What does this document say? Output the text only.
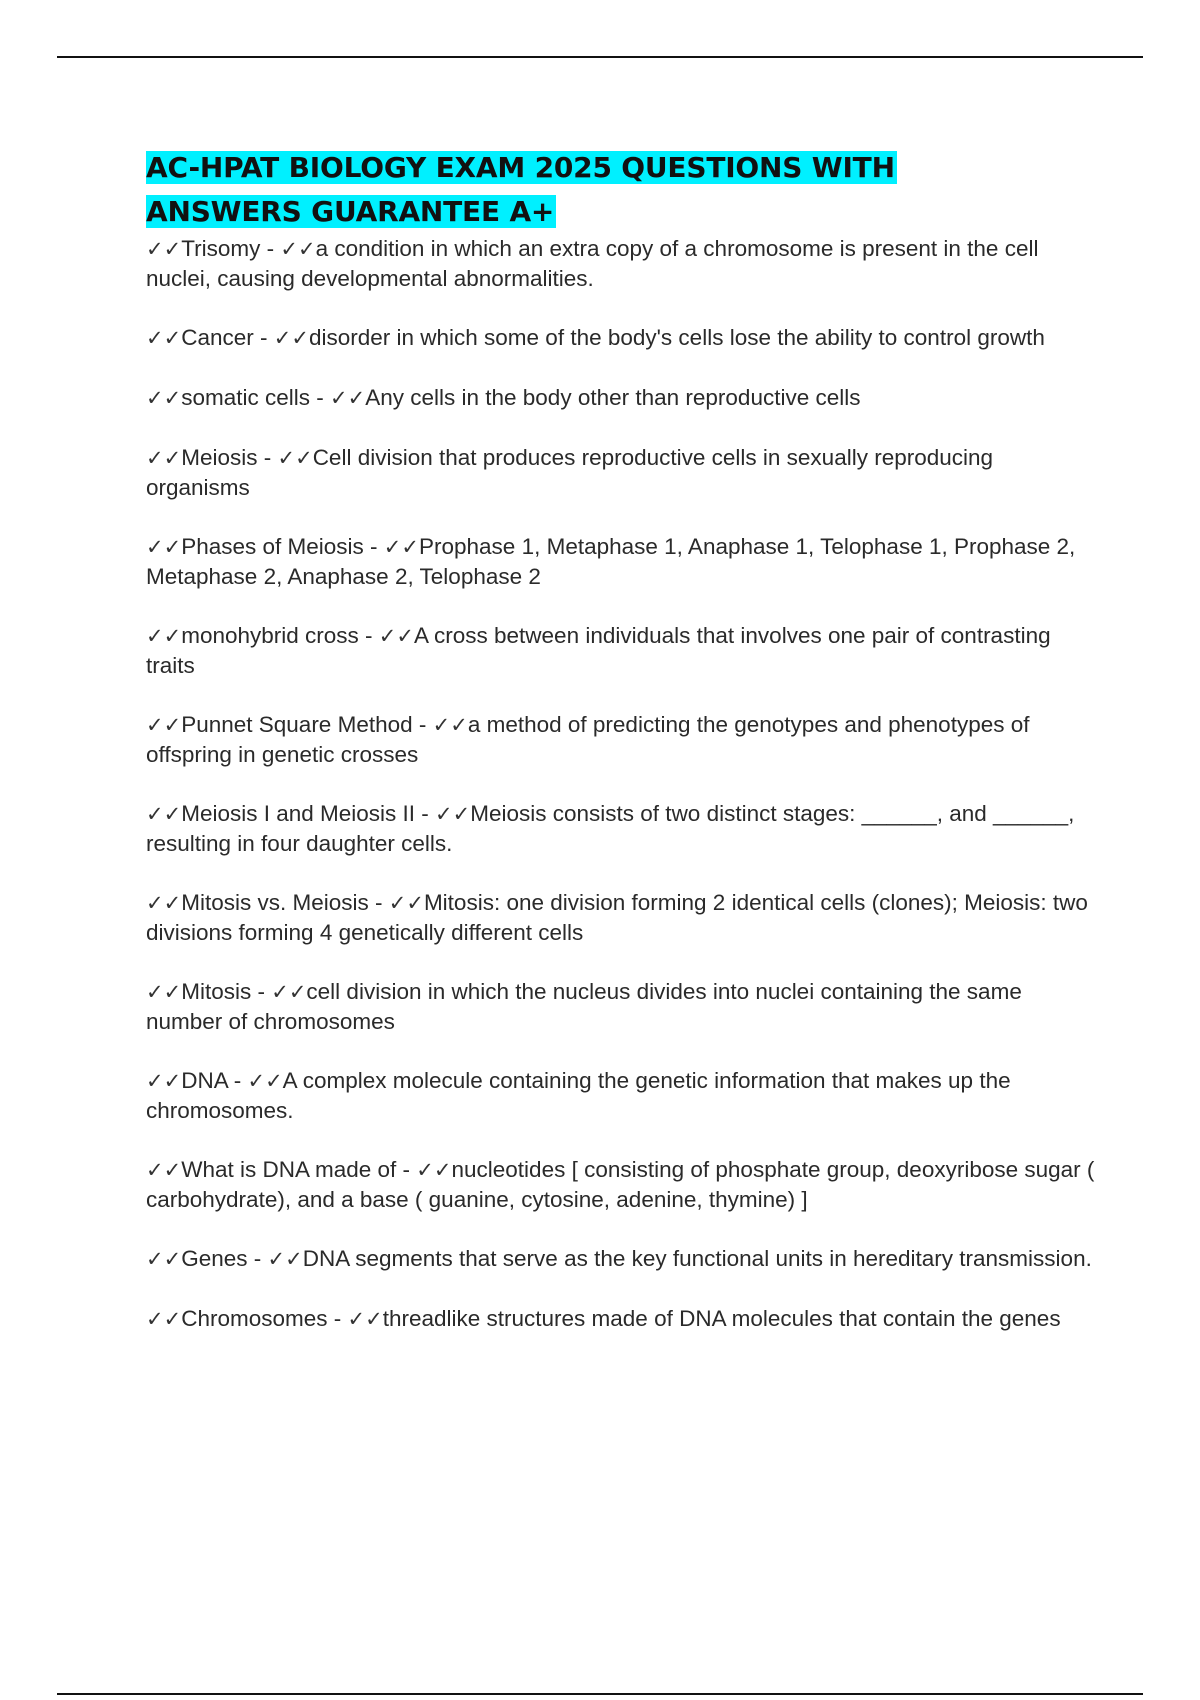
AC-HPAT BIOLOGY EXAM 2025 QUESTIONS WITH
ANSWERS GUARANTEE A+
✓✓Trisomy - ✓✓a condition in which an extra copy of a chromosome is present in the cell nuclei, causing developmental abnormalities.
✓✓Cancer - ✓✓disorder in which some of the body's cells lose the ability to control growth
✓✓somatic cells - ✓✓Any cells in the body other than reproductive cells
✓✓Meiosis - ✓✓Cell division that produces reproductive cells in sexually reproducing organisms
✓✓Phases of Meiosis - ✓✓Prophase 1, Metaphase 1, Anaphase 1, Telophase 1, Prophase 2, Metaphase 2, Anaphase 2, Telophase 2
✓✓monohybrid cross - ✓✓A cross between individuals that involves one pair of contrasting traits
✓✓Punnet Square Method - ✓✓a method of predicting the genotypes and phenotypes of offspring in genetic crosses
✓✓Meiosis I and Meiosis II - ✓✓Meiosis consists of two distinct stages: ______, and ______, resulting in four daughter cells.
✓✓Mitosis vs. Meiosis - ✓✓Mitosis: one division forming 2 identical cells (clones); Meiosis: two divisions forming 4 genetically different cells
✓✓Mitosis - ✓✓cell division in which the nucleus divides into nuclei containing the same number of chromosomes
✓✓DNA - ✓✓A complex molecule containing the genetic information that makes up the chromosomes.
✓✓What is DNA made of - ✓✓nucleotides [ consisting of phosphate group, deoxyribose sugar ( carbohydrate), and a base ( guanine, cytosine, adenine, thymine) ]
✓✓Genes - ✓✓DNA segments that serve as the key functional units in hereditary transmission.
✓✓Chromosomes - ✓✓threadlike structures made of DNA molecules that contain the genes
